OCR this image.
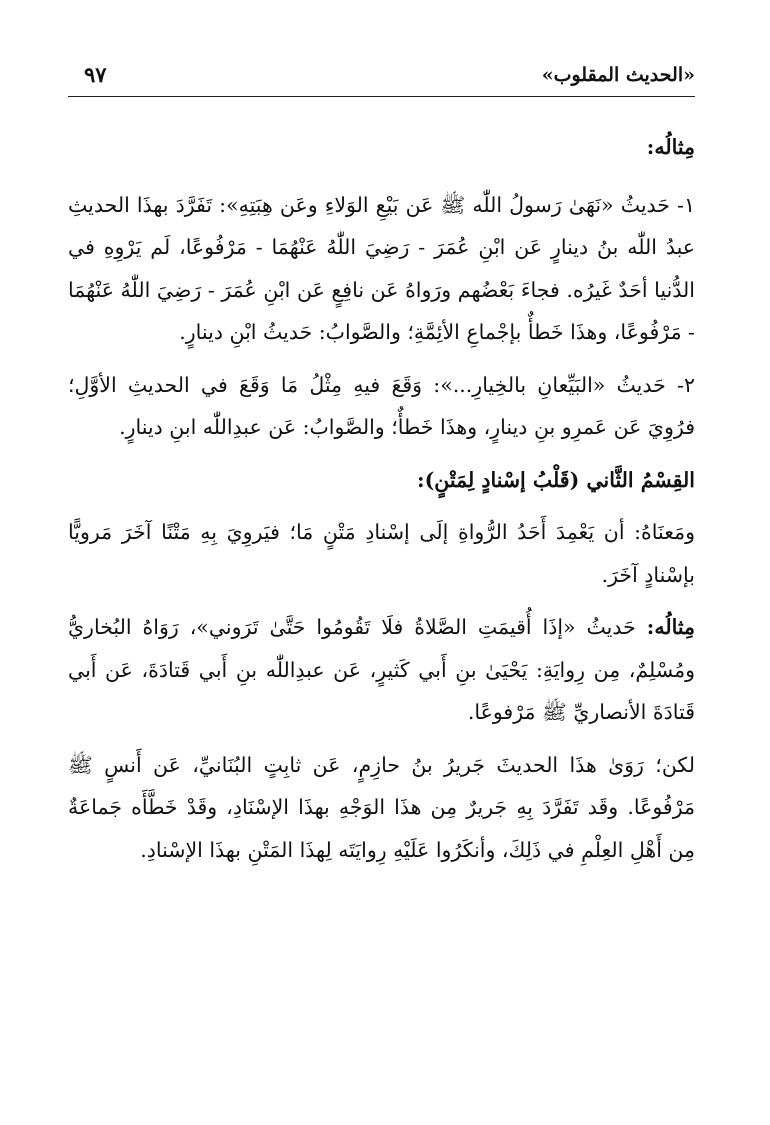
«الحديث المقلوب»
٩٧

مِثالُه:

١- حَديثُ «نَهَىٰ رَسولُ اللّٰه ﷺ عَن بَيْعِ الوَلاءِ وعَن هِبَتِهِ»: تَفَرَّدَ بهذَا الحديثِ عبدُ اللّٰه بنُ دينارٍ عَن ابْنِ عُمَرَ - رَضِيَ اللّٰهُ عَنْهُمَا - مَرْفُوعًا، لَم يَرْوِهِ في الدُّنيا أحَدٌ غَيرُه. فجاءَ بَعْضُهم ورَواهُ عَن نافِعٍ عَن ابْنِ عُمَرَ - رَضِيَ اللّٰهُ عَنْهُمَا - مَرْفُوعًا، وهذَا خَطأٌ بإجْماعِ الأئِمَّةِ؛ والصَّوابُ: حَديثُ ابْنِ دينارٍ.

٢- حَديثُ «البَيِّعانِ بالخِيارِ...»: وَقَعَ فيهِ مِثْلُ مَا وَقَعَ في الحديثِ الأوَّلِ؛ فرُوِيَ عَن عَمرِو بنِ دينارٍ، وهذَا خَطأٌ؛ والصَّوابُ: عَن عبدِاللّٰه ابنِ دينارٍ.

القِسْمُ الثَّاني (قَلْبُ إسْنادٍ لِمَتْنٍ):

ومَعنَاهُ: أن يَعْمِدَ أَحَدُ الرُّواةِ إلَى إسْنادِ مَتْنٍ مَا؛ فيَروِيَ بِهِ مَتْنًا آخَرَ مَرويًّا بإسْنادٍ آخَرَ.

مِثالُه: حَديثُ «إذَا أُقيمَتِ الصَّلاةُ فلَا تَقُومُوا حَتَّىٰ تَرَوني»، رَوَاهُ البُخاريُّ ومُسْلِمٌ، مِن رِوايَةِ: يَحْيَىٰ بنِ أَبي كَثيرٍ، عَن عبدِاللّٰه بنِ أَبي قَتادَةَ، عَن أَبي قَتادَةَ الأنصاريِّ ﷺ مَرْفوعًا.

لكن؛ رَوَىٰ هذَا الحديثَ جَريرُ بنُ حازِمٍ، عَن ثابِتٍ البُنَانيِّ، عَن أَنسٍ ﷺ مَرْفُوعًا. وقَد تَفَرَّدَ بِهِ جَريرٌ مِن هذَا الوَجْهِ بهذَا الإسْنَادِ، وقَدْ خَطَّأَه جَماعَةٌ مِن أَهْلِ العِلْمِ في ذَلِكَ، وأنكَرُوا عَلَيْهِ رِوايَتَه لِهذَا المَتْنِ بهذَا الإسْنادِ.
